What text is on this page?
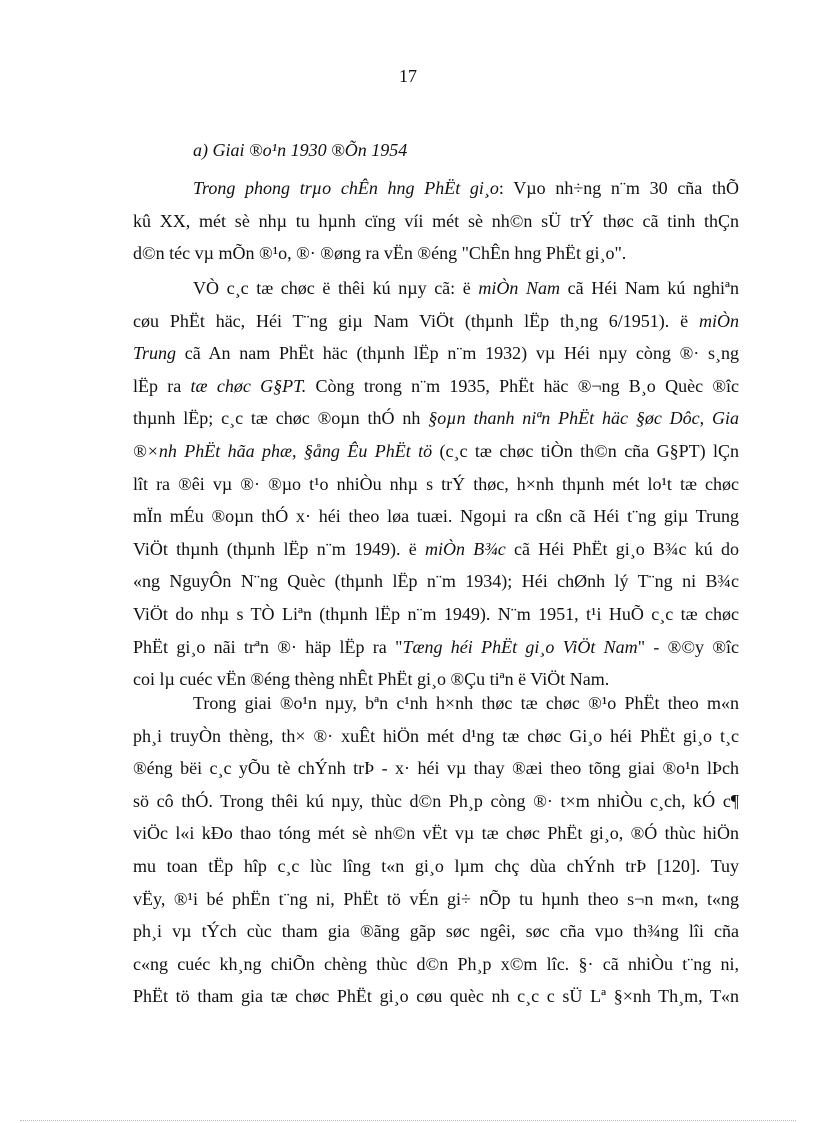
17
a) Giai ®o¹n 1930 ®Õn 1954
Trong phong trµo chÊn hng PhËt gi¸o: Vµo nh÷ng n¨m 30 cña thÕ
kû XX, mét sè nhµ tu hµnh cïng víi mét sè nh©n sÜ trÝ thøc cã tinh thÇn
d©n téc vµ mÕn ®¹o, ®· ®øng ra vËn ®éng "ChÊn hng PhËt gi¸o".
VÒ c¸c tæ chøc ë thêi kú nµy cã: ë miÒn Nam cã Héi Nam kú nghiªn
cøu PhËt häc, Héi T¨ng giµ Nam ViÖt (thµnh lËp th¸ng 6/1951). ë miÒn
Trung cã An nam PhËt häc (thµnh lËp n¨m 1932) vµ Héi nµy còng ®· s¸ng
lËp ra tæ chøc G§PT. Còng trong n¨m 1935, PhËt häc ®¬ng B¸o Quèc ®îc
thµnh lËp; c¸c tæ chøc ®oµn thÓ nh §oµn thanh niªn PhËt häc §øc Dôc, Gia
®×nh PhËt hãa phæ, §ång Êu PhËt tö (c¸c tæ chøc tiÒn th©n cña G§PT) lÇn
lît ra ®êi vµ ®· ®µo t¹o nhiÒu nhµ s trÝ thøc, h×nh thµnh mét lo¹t tæ chøc
mÏn mÉu ®oµn thÓ x· héi theo løa tuæi. Ngoµi ra cßn cã Héi t¨ng giµ Trung
ViÖt thµnh (thµnh lËp n¨m 1949). ë miÒn B¾c cã Héi PhËt gi¸o B¾c kú do
«ng NguyÔn N¨ng Quèc (thµnh lËp n¨m 1934); Héi chØnh lý T¨ng ni B¾c
ViÖt do nhµ s TÒ Liªn (thµnh lËp n¨m 1949). N¨m 1951, t¹i HuÕ c¸c tæ chøc
PhËt gi¸o nãi trªn ®· häp lËp ra "Tæng héi PhËt gi¸o ViÖt Nam" - ®©y ®îc
coi lµ cuéc vËn ®éng thèng nhÊt PhËt gi¸o ®Çu tiªn ë ViÖt Nam.
Trong giai ®o¹n nµy, bªn c¹nh h×nh thøc tæ chøc ®¹o PhËt theo m«n
ph¸i truyÒn thèng, th× ®· xuÊt hiÖn mét d¹ng tæ chøc Gi¸o héi PhËt gi¸o t¸c
®éng bëi c¸c yÕu tè chÝnh trÞ - x· héi vµ thay ®æi theo tõng giai ®o¹n lÞch
sö cô thÓ. Trong thêi kú nµy, thùc d©n Ph¸p còng ®· t×m nhiÒu c¸ch, kÓ c¶
viÖc l«i kÐo thao tóng mét sè nh©n vËt vµ tæ chøc PhËt gi¸o, ®Ó thùc hiÖn
mu toan tËp hîp c¸c lùc lîng t«n gi¸o lµm chç dùa chÝnh trÞ [120]. Tuy
vËy, ®¹i bé phËn t¨ng ni, PhËt tö vÉn gi÷ nÕp tu hµnh theo s¬n m«n, t«ng
ph¸i vµ tÝch cùc tham gia ®ãng gãp søc ngêi, søc cña vµo th¾ng lîi cña
c«ng cuéc kh¸ng chiÕn chèng thùc d©n Ph¸p x©m lîc. §· cã nhiÒu t¨ng ni,
PhËt tö tham gia tæ chøc PhËt gi¸o cøu quèc nh c¸c c sÜ Lª §×nh Th¸m, T«n
